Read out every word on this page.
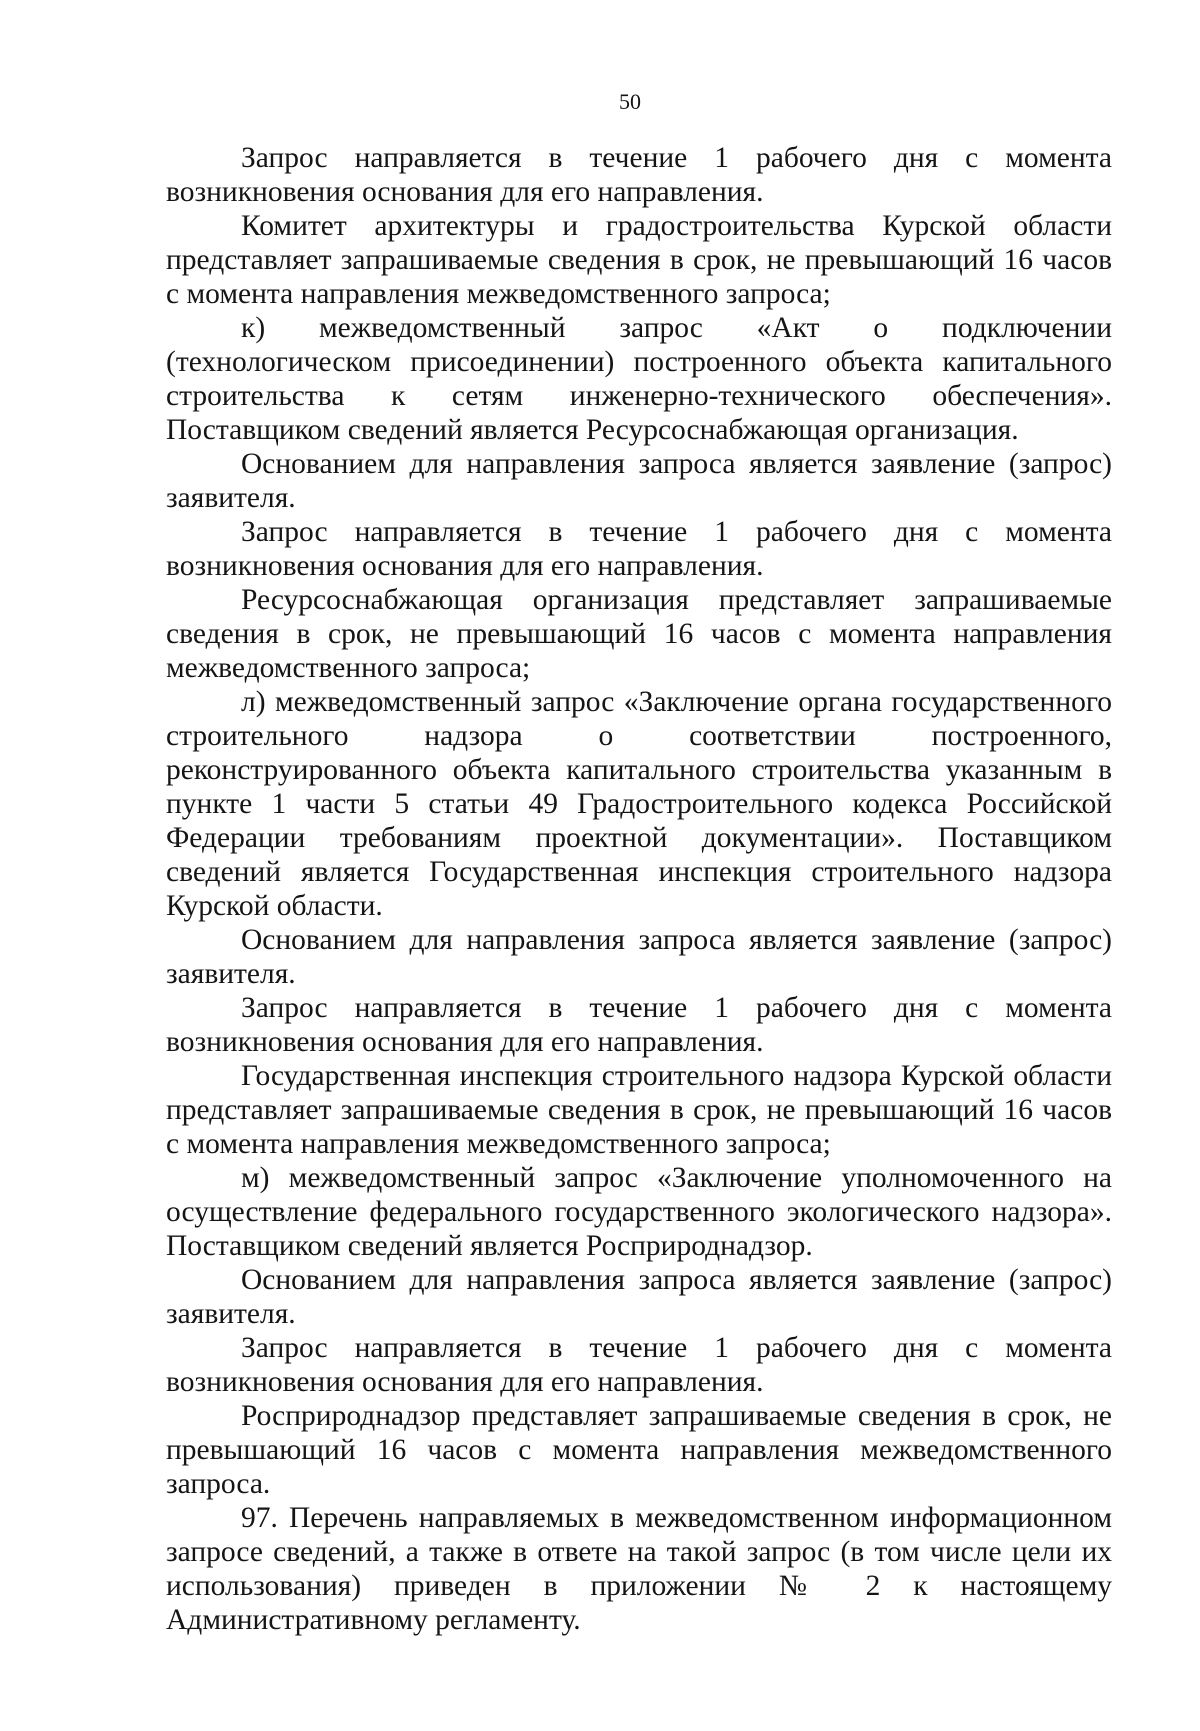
50

Запрос направляется в течение 1 рабочего дня с момента возникновения основания для его направления.

Комитет архитектуры и градостроительства Курской области представляет запрашиваемые сведения в срок, не превышающий 16 часов с момента направления межведомственного запроса;

к) межведомственный запрос «Акт о подключении (технологическом присоединении) построенного объекта капитального строительства к сетям инженерно-технического обеспечения». Поставщиком сведений является Ресурсоснабжающая организация.

Основанием для направления запроса является заявление (запрос) заявителя.

Запрос направляется в течение 1 рабочего дня с момента возникновения основания для его направления.

Ресурсоснабжающая организация представляет запрашиваемые сведения в срок, не превышающий 16 часов с момента направления межведомственного запроса;

л) межведомственный запрос «Заключение органа государственного строительного надзора о соответствии построенного, реконструированного объекта капитального строительства указанным в пункте 1 части 5 статьи 49 Градостроительного кодекса Российской Федерации требованиям проектной документации». Поставщиком сведений является Государственная инспекция строительного надзора Курской области.

Основанием для направления запроса является заявление (запрос) заявителя.

Запрос направляется в течение 1 рабочего дня с момента возникновения основания для его направления.

Государственная инспекция строительного надзора Курской области представляет запрашиваемые сведения в срок, не превышающий 16 часов с момента направления межведомственного запроса;

м) межведомственный запрос «Заключение уполномоченного на осуществление федерального государственного экологического надзора». Поставщиком сведений является Росприроднадзор.

Основанием для направления запроса является заявление (запрос) заявителя.

Запрос направляется в течение 1 рабочего дня с момента возникновения основания для его направления.

Росприроднадзор представляет запрашиваемые сведения в срок, не превышающий 16 часов с момента направления межведомственного запроса.

97. Перечень направляемых в межведомственном информационном запросе сведений, а также в ответе на такой запрос (в том числе цели их использования) приведен в приложении № 2 к настоящему Административному регламенту.
